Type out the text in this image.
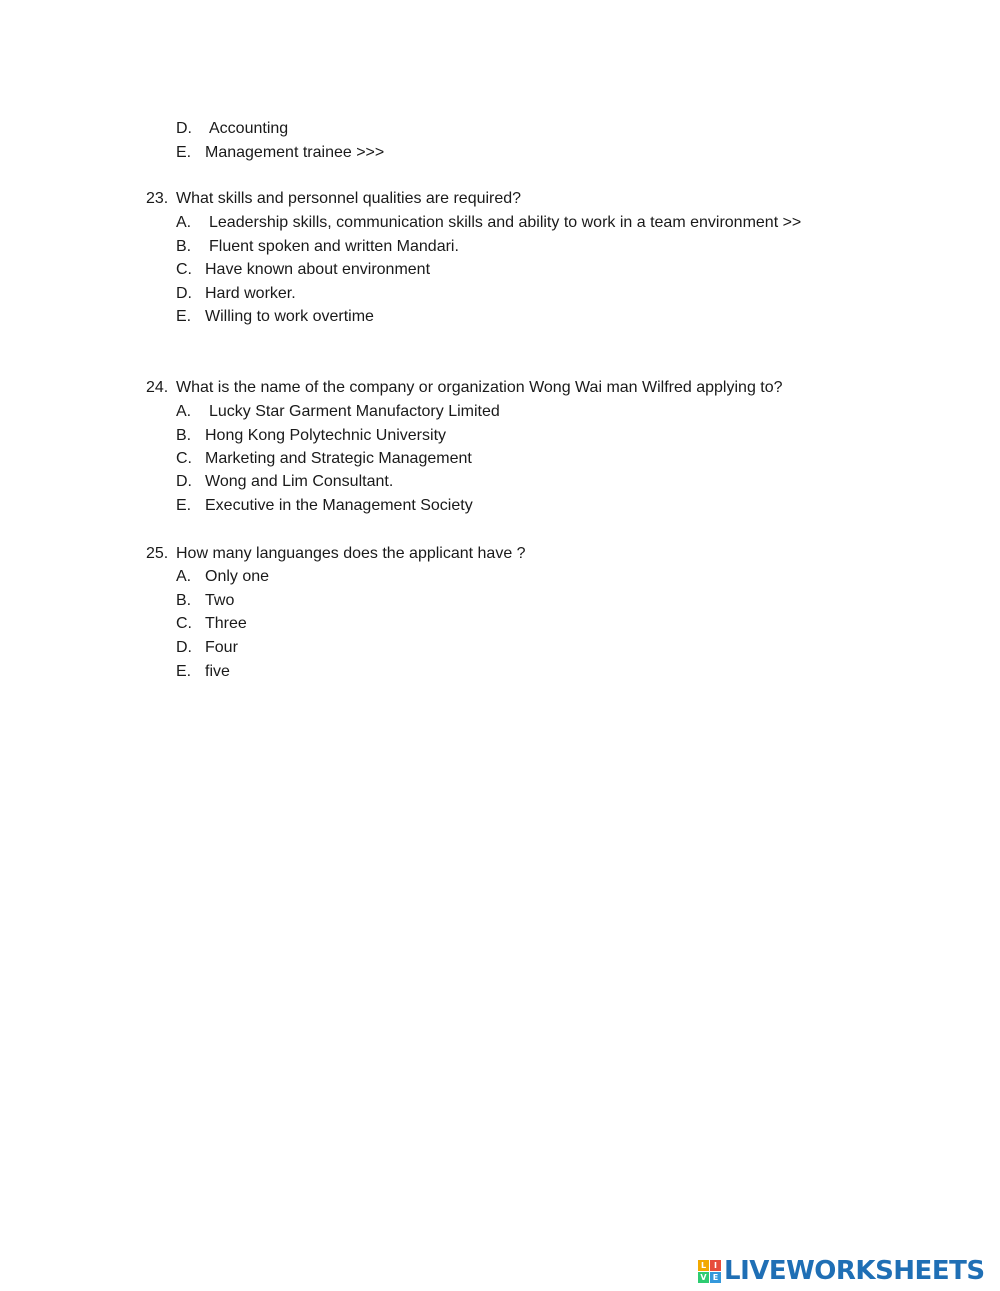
D. Accounting
E. Management trainee >>>
23. What skills and personnel qualities are required?
A. Leadership skills, communication skills and ability to work in a team environment >>
B. Fluent spoken and written Mandari.
C. Have known about environment
D. Hard worker.
E. Willing to work overtime
24. What is the name of the company or organization Wong Wai man Wilfred applying to?
A. Lucky Star Garment Manufactory Limited
B. Hong Kong Polytechnic University
C. Marketing and Strategic Management
D. Wong and Lim Consultant.
E. Executive in the Management Society
25. How many languanges does the applicant have ?
A. Only one
B. Two
C. Three
D. Four
E. five
L I
V E LIVEWORKSHEETS
